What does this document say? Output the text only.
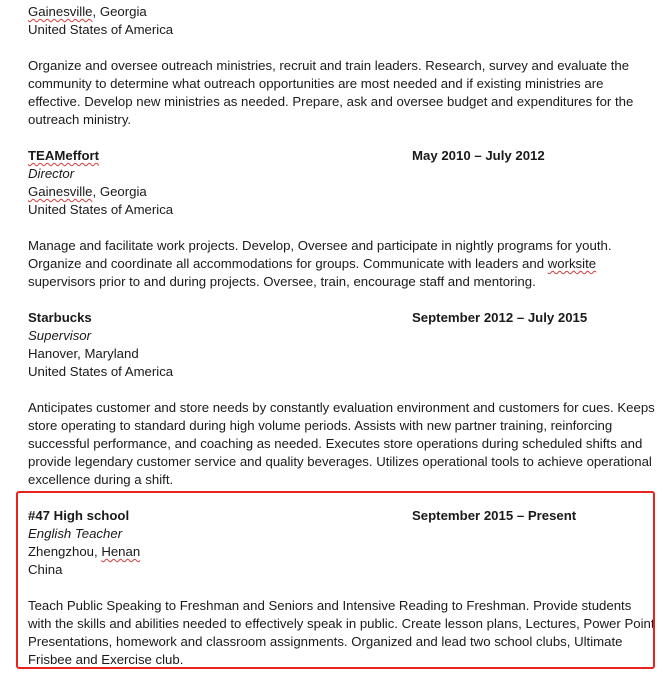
Gainesville, Georgia
United States of America
Organize and oversee outreach ministries, recruit and train leaders. Research, survey and evaluate the community to determine what outreach opportunities are most needed and if existing ministries are effective. Develop new ministries as needed. Prepare, ask and oversee budget and expenditures for the outreach ministry.
TEAMeffort	May 2010 – July 2012
Director
Gainesville, Georgia
United States of America
Manage and facilitate work projects. Develop, Oversee and participate in nightly programs for youth. Organize and coordinate all accommodations for groups. Communicate with leaders and worksite supervisors prior to and during projects. Oversee, train, encourage staff and mentoring.
Starbucks	September 2012 – July 2015
Supervisor
Hanover, Maryland
United States of America
Anticipates customer and store needs by constantly evaluation environment and customers for cues. Keeps store operating to standard during high volume periods. Assists with new partner training, reinforcing successful performance, and coaching as needed. Executes store operations during scheduled shifts and provide legendary customer service and quality beverages. Utilizes operational tools to achieve operational excellence during a shift.
#47 High school	September 2015 – Present
English Teacher
Zhengzhou, Henan
China
Teach Public Speaking to Freshman and Seniors and Intensive Reading to Freshman. Provide students with the skills and abilities needed to effectively speak in public. Create lesson plans, Lectures, Power Point Presentations, homework and classroom assignments. Organized and lead two school clubs, Ultimate Frisbee and Exercise club.
